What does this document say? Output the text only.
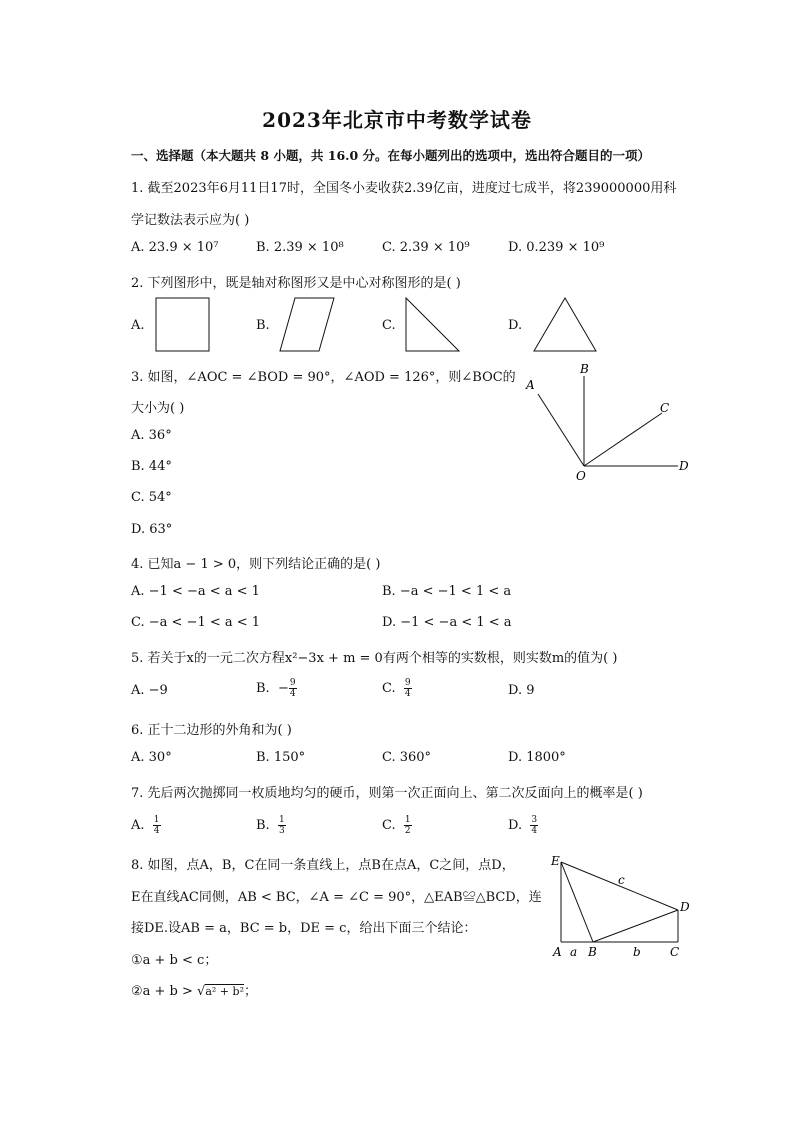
2023年北京市中考数学试卷
一、选择题（本大题共 8 小题，共 16.0 分。在每小题列出的选项中，选出符合题目的一项）
1. 截至2023年6月11日17时，全国冬小麦收获2.39亿亩，进度过七成半，将239000000用科
学记数法表示应为( )
A. 23.9 × 10⁷	B. 2.39 × 10⁸	C. 2.39 × 10⁹	D. 0.239 × 10⁹
2. 下列图形中，既是轴对称图形又是中心对称图形的是( )
A.	B.	C.	D.
3. 如图，∠AOC = ∠BOD = 90°，∠AOD = 126°，则∠BOC的
大小为( )
A. 36°
B. 44°
C. 54°
D. 63°
A
B
C
O
D
4. 已知a − 1 > 0，则下列结论正确的是( )
A. −1 < −a < a < 1	B. −a < −1 < 1 < a
C. −a < −1 < a < 1	D. −1 < −a < 1 < a
5. 若关于x的一元二次方程x²−3x + m = 0有两个相等的实数根，则实数m的值为( )
A. −9	B. − $\frac{9}{4}$	C. $\frac{9}{4}$	D. 9
6. 正十二边形的外角和为( )
A. 30°	B. 150°	C. 360°	D. 1800°
7. 先后两次抛掷同一枚质地均匀的硬币，则第一次正面向上、第二次反面向上的概率是( )
A. $\frac{1}{4}$	B. $\frac{1}{3}$	C. $\frac{1}{2}$	D. $\frac{3}{4}$
8. 如图，点A，B，C在同一条直线上，点B在点A，C之间，点D，
E在直线AC同侧，AB < BC，∠A = ∠C = 90°，△EAB≌△BCD，连
接DE.设AB = a，BC = b，DE = c，给出下面三个结论：
①a + b < c；
②a + b > √a² + b²；
E
D
c
A a B	b C
